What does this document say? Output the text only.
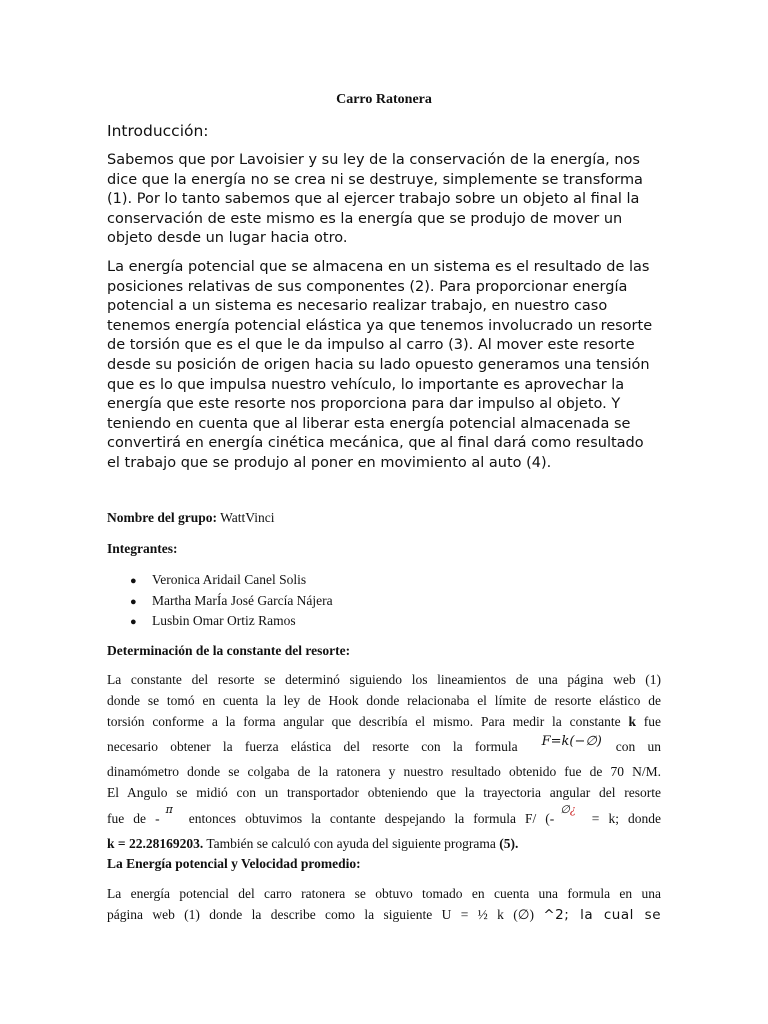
Carro Ratonera
Introducción:

Sabemos que por Lavoisier y su ley de la conservación de la energía, nos dice que la energía no se crea ni se destruye, simplemente se transforma (1). Por lo tanto sabemos que al ejercer trabajo sobre un objeto al final la conservación de este mismo es la energía que se produjo de mover un objeto desde un lugar hacia otro.

La energía potencial que se almacena en un sistema es el resultado de las posiciones relativas de sus componentes (2). Para proporcionar energía potencial a un sistema es necesario realizar trabajo, en nuestro caso tenemos energía potencial elástica ya que tenemos involucrado un resorte de torsión que es el que le da impulso al carro (3). Al mover este resorte desde su posición de origen hacia su lado opuesto generamos una tensión que es lo que impulsa nuestro vehículo, lo importante es aprovechar la energía que este resorte nos proporciona para dar impulso al objeto. Y teniendo en cuenta que al liberar esta energía potencial almacenada se convertirá en energía cinética mecánica, que al final dará como resultado el trabajo que se produjo al poner en movimiento al auto (4).

Nombre del grupo: WattVinci
Integrantes:
● Veronica Aridail Canel Solis
● Martha MarÍa José García Nájera
● Lusbin Omar Ortiz Ramos
Determinación de la constante del resorte:
La constante del resorte se determinó siguiendo los lineamientos de una página web (1)
donde se tomó en cuenta la ley de Hook donde relacionaba el límite de resorte elástico de
torsión conforme a la forma angular que describía el mismo. Para medir la constante k fue
necesario obtener la fuerza elástica del resorte con la formula F=k(−∅) con un
dinamómetro donde se colgaba de la ratonera y nuestro resultado obtenido fue de 70 N/M.
El Angulo se midió con un transportador obteniendo que la trayectoria angular del resorte
fue de -πentonces obtuvimos la contante despejando la formula F/ (-∅¿= k; donde
k = 22.28169203. También se calculó con ayuda del siguiente programa (5).
La Energía potencial y Velocidad promedio:
La energía potencial del carro ratonera se obtuvo tomado en cuenta una formula en una
página web (1) donde la describe como la siguiente U = ½ k (∅) ^2; la cual se
